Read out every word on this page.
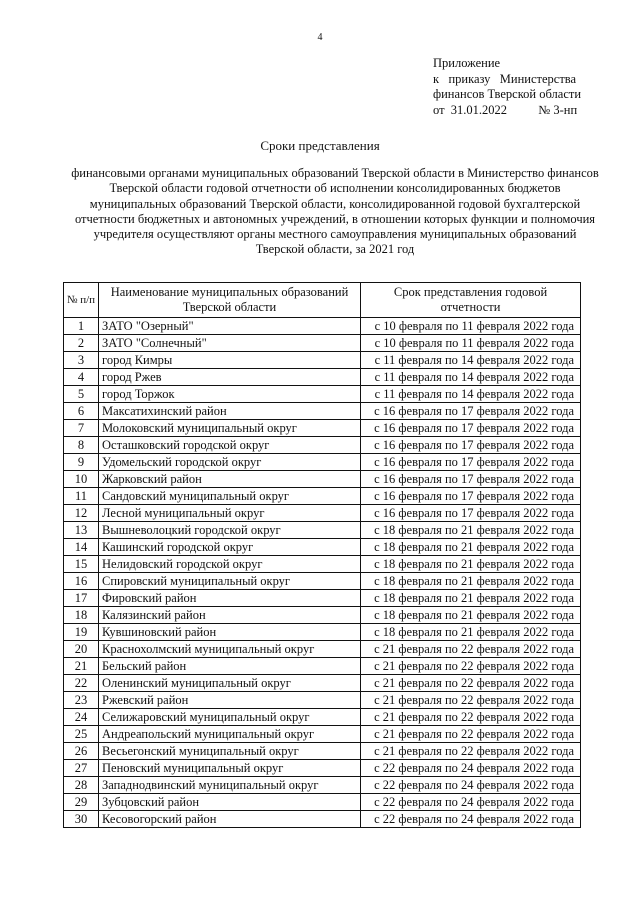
4
Приложение
к   приказу   Министерства
финансов Тверской области
от  31.01.2022          № 3-нп
Сроки представления
финансовыми органами муниципальных образований Тверской области в Министерство финансов Тверской области годовой отчетности об исполнении консолидированных бюджетов муниципальных образований Тверской области, консолидированной годовой бухгалтерской отчетности бюджетных и автономных учреждений, в отношении которых функции и полномочия учредителя осуществляют органы местного самоуправления муниципальных образований Тверской области, за 2021 год
№ п/п	Наименование муниципальных образований Тверской области	Срок представления годовой отчетности
1	ЗАТО "Озерный"	с 10 февраля по 11 февраля 2022 года
2	ЗАТО "Солнечный"	с 10 февраля по 11 февраля 2022 года
3	город Кимры	с 11 февраля по 14 февраля 2022 года
4	город Ржев	с 11 февраля по 14 февраля 2022 года
5	город Торжок	с 11 февраля по 14 февраля 2022 года
6	Максатихинский район	с 16 февраля по 17 февраля 2022 года
7	Молоковский муниципальный округ	с 16 февраля по 17 февраля 2022 года
8	Осташковский городской округ	с 16 февраля по 17 февраля 2022 года
9	Удомельский городской округ	с 16 февраля по 17 февраля 2022 года
10	Жарковский район	с 16 февраля по 17 февраля 2022 года
11	Сандовский муниципальный округ	с 16 февраля по 17 февраля 2022 года
12	Лесной муниципальный округ	с 16 февраля по 17 февраля 2022 года
13	Вышневолоцкий городской округ	с 18 февраля по 21 февраля 2022 года
14	Кашинский городской округ	с 18 февраля по 21 февраля 2022 года
15	Нелидовский городской округ	с 18 февраля по 21 февраля 2022 года
16	Спировский муниципальный округ	с 18 февраля по 21 февраля 2022 года
17	Фировский район	с 18 февраля по 21 февраля 2022 года
18	Калязинский район	с 18 февраля по 21 февраля 2022 года
19	Кувшиновский район	с 18 февраля по 21 февраля 2022 года
20	Краснохолмский муниципальный округ	с 21 февраля по 22 февраля 2022 года
21	Бельский район	с 21 февраля по 22 февраля 2022 года
22	Оленинский муниципальный округ	с 21 февраля по 22 февраля 2022 года
23	Ржевский район	с 21 февраля по 22 февраля 2022 года
24	Селижаровский муниципальный округ	с 21 февраля по 22 февраля 2022 года
25	Андреапольский муниципальный округ	с 21 февраля по 22 февраля 2022 года
26	Весьегонский муниципальный округ	с 21 февраля по 22 февраля 2022 года
27	Пеновский муниципальный округ	с 22 февраля по 24 февраля 2022 года
28	Западнодвинский муниципальный округ	с 22 февраля по 24 февраля 2022 года
29	Зубцовский район	с 22 февраля по 24 февраля 2022 года
30	Кесовогорский район	с 22 февраля по 24 февраля 2022 года
